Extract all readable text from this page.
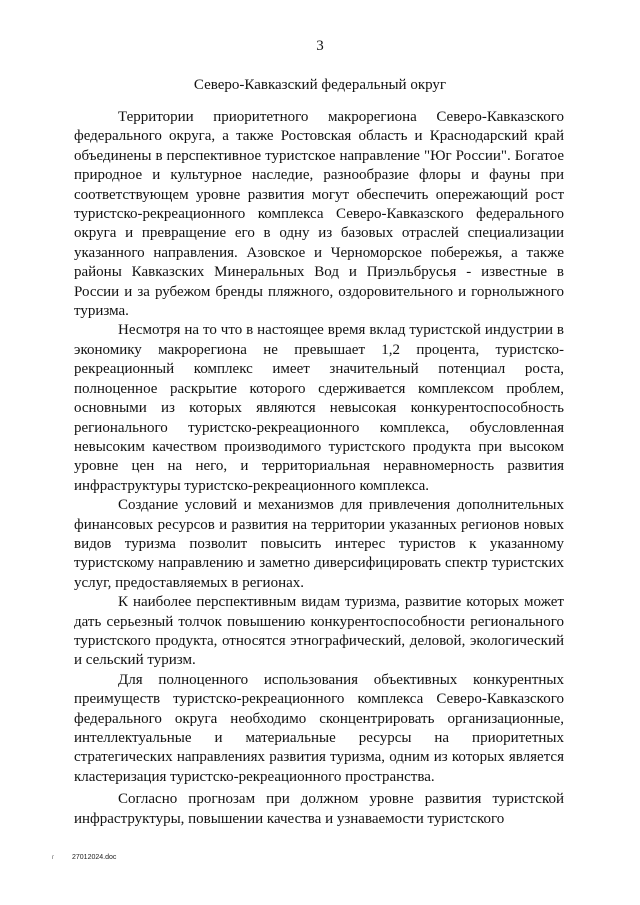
3
Северо-Кавказский федеральный округ

Территории приоритетного макрорегиона Северо-Кавказского федерального округа, а также Ростовская область и Краснодарский край объединены в перспективное туристское направление "Юг России". Богатое природное и культурное наследие, разнообразие флоры и фауны при соответствующем уровне развития могут обеспечить опережающий рост туристско-рекреационного комплекса Северо-Кавказского федерального округа и превращение его в одну из базовых отраслей специализации указанного направления. Азовское и Черноморское побережья, а также районы Кавказских Минеральных Вод и Приэльбрусья - известные в России и за рубежом бренды пляжного, оздоровительного и горнолыжного туризма.

Несмотря на то что в настоящее время вклад туристской индустрии в экономику макрорегиона не превышает 1,2 процента, туристско-рекреационный комплекс имеет значительный потенциал роста, полноценное раскрытие которого сдерживается комплексом проблем, основными из которых являются невысокая конкурентоспособность регионального туристско-рекреационного комплекса, обусловленная невысоким качеством производимого туристского продукта при высоком уровне цен на него, и территориальная неравномерность развития инфраструктуры туристско-рекреационного комплекса.

Создание условий и механизмов для привлечения дополнительных финансовых ресурсов и развития на территории указанных регионов новых видов туризма позволит повысить интерес туристов к указанному туристскому направлению и заметно диверсифицировать спектр туристских услуг, предоставляемых в регионах.

К наиболее перспективным видам туризма, развитие которых может дать серьезный толчок повышению конкурентоспособности регионального туристского продукта, относятся этнографический, деловой, экологический и сельский туризм.

Для полноценного использования объективных конкурентных преимуществ туристско-рекреационного комплекса Северо-Кавказского федерального округа необходимо сконцентрировать организационные, интеллектуальные и материальные ресурсы на приоритетных стратегических направлениях развития туризма, одним из которых является кластеризация туристско-рекреационного пространства.

Согласно прогнозам при должном уровне развития туристской инфраструктуры, повышении качества и узнаваемости туристского

г	27012024.doc
